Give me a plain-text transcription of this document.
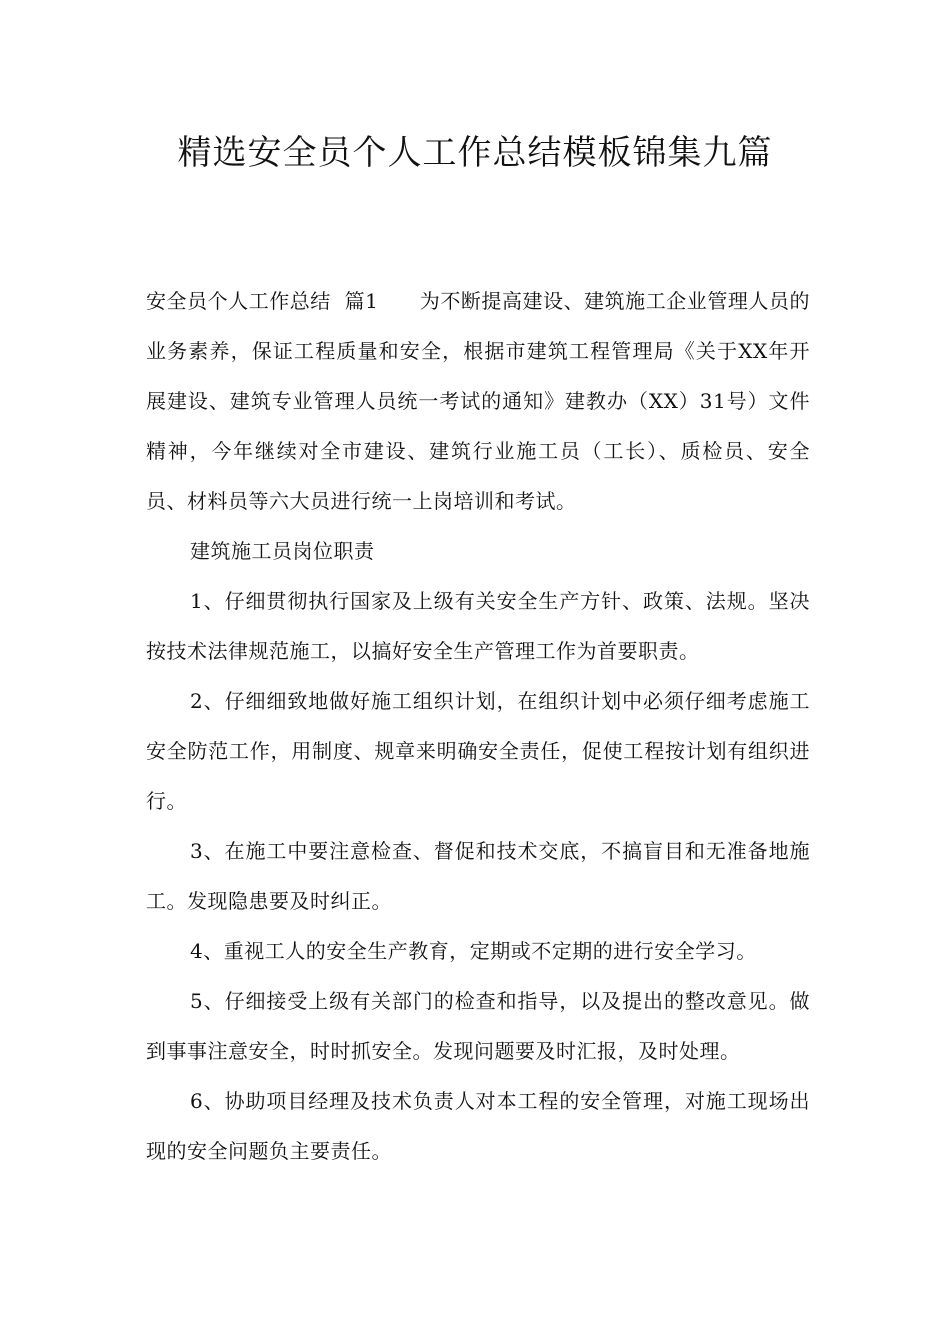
精选安全员个人工作总结模板锦集九篇

安全员个人工作总结  篇1      为不断提高建设、建筑施工企业管理人员的业务素养，保证工程质量和安全，根据市建筑工程管理局《关于XX年开展建设、建筑专业管理人员统一考试的通知》建教办（XX）31号）文件精神，今年继续对全市建设、建筑行业施工员（工长）、质检员、安全员、材料员等六大员进行统一上岗培训和考试。

建筑施工员岗位职责

1、仔细贯彻执行国家及上级有关安全生产方针、政策、法规。坚决按技术法律规范施工，以搞好安全生产管理工作为首要职责。

2、仔细细致地做好施工组织计划，在组织计划中必须仔细考虑施工安全防范工作，用制度、规章来明确安全责任，促使工程按计划有组织进行。

3、在施工中要注意检查、督促和技术交底，不搞盲目和无准备地施工。发现隐患要及时纠正。

4、重视工人的安全生产教育，定期或不定期的进行安全学习。

5、仔细接受上级有关部门的检查和指导，以及提出的整改意见。做到事事注意安全，时时抓安全。发现问题要及时汇报，及时处理。

6、协助项目经理及技术负责人对本工程的安全管理，对施工现场出现的安全问题负主要责任。
